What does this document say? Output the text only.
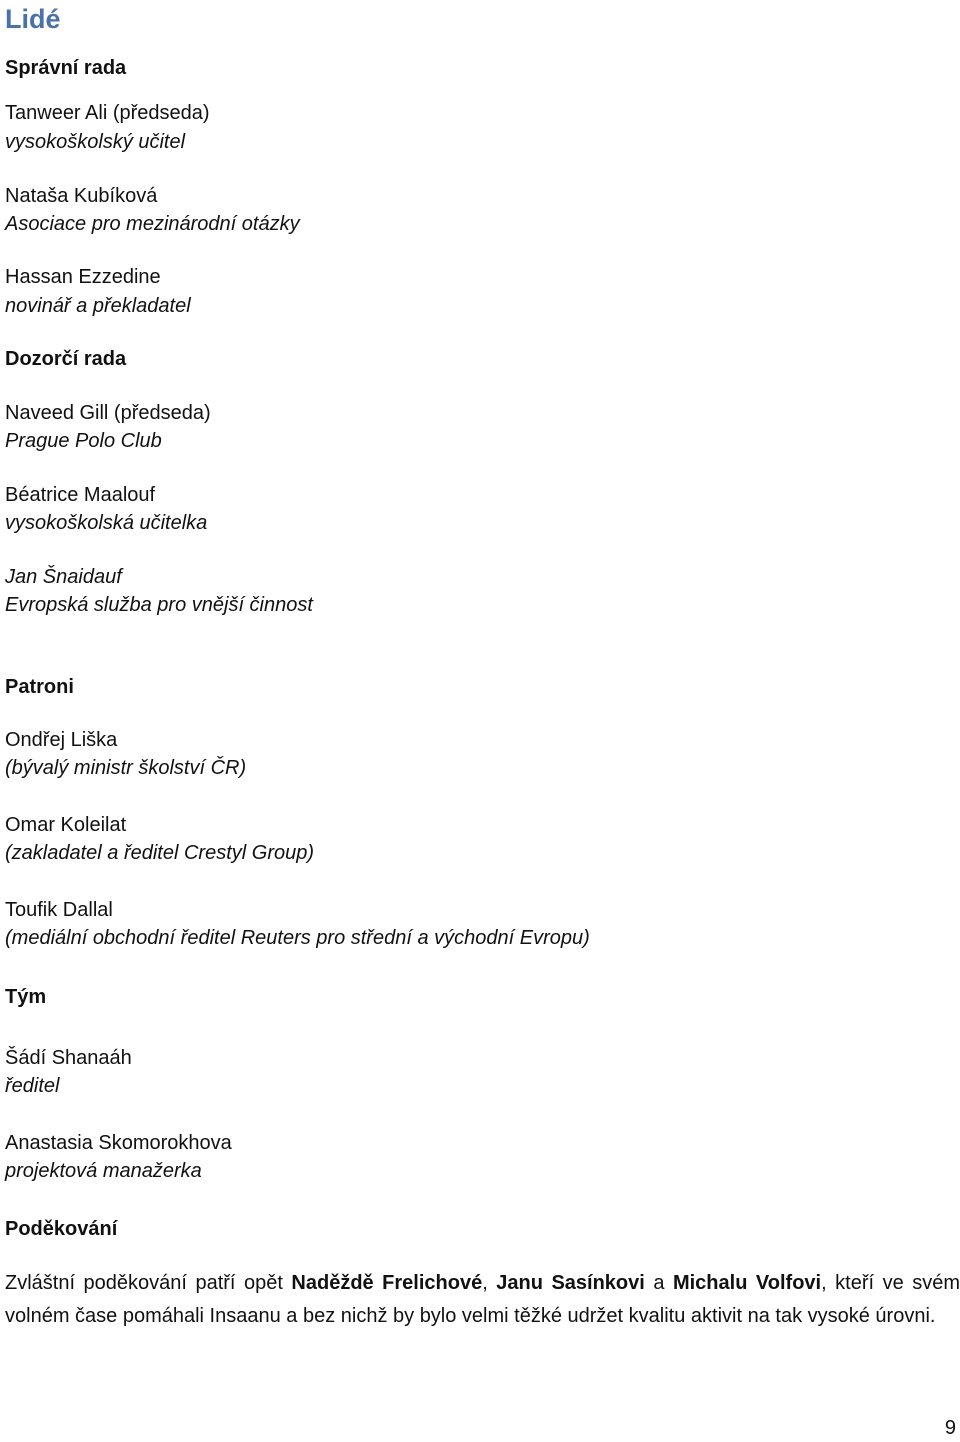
Lidé
Správní rada
Tanweer Ali (předseda)
vysokoškolský učitel
Nataša Kubíková
Asociace pro mezinárodní otázky
Hassan Ezzedine
novinář a překladatel
Dozorčí rada
Naveed Gill (předseda)
Prague Polo Club
Béatrice Maalouf
vysokoškolská učitelka
Jan Šnaidauf
Evropská služba pro vnější činnost
Patroni
Ondřej Liška
(bývalý ministr školství ČR)
Omar Koleilat
(zakladatel a ředitel Crestyl Group)
Toufik Dallal
(mediální obchodní ředitel Reuters pro střední a východní Evropu)
Tým
Šádí Shanaáh
ředitel
Anastasia Skomorokhova
projektová manažerka
Poděkování

Zvláštní poděkování patří opět Naděždě Frelichové, Janu Sasínkovi a Michalu Volfovi, kteří ve svém volném čase pomáhali Insaanu a bez nichž by bylo velmi těžké udržet kvalitu aktivit na tak vysoké úrovni.

9
